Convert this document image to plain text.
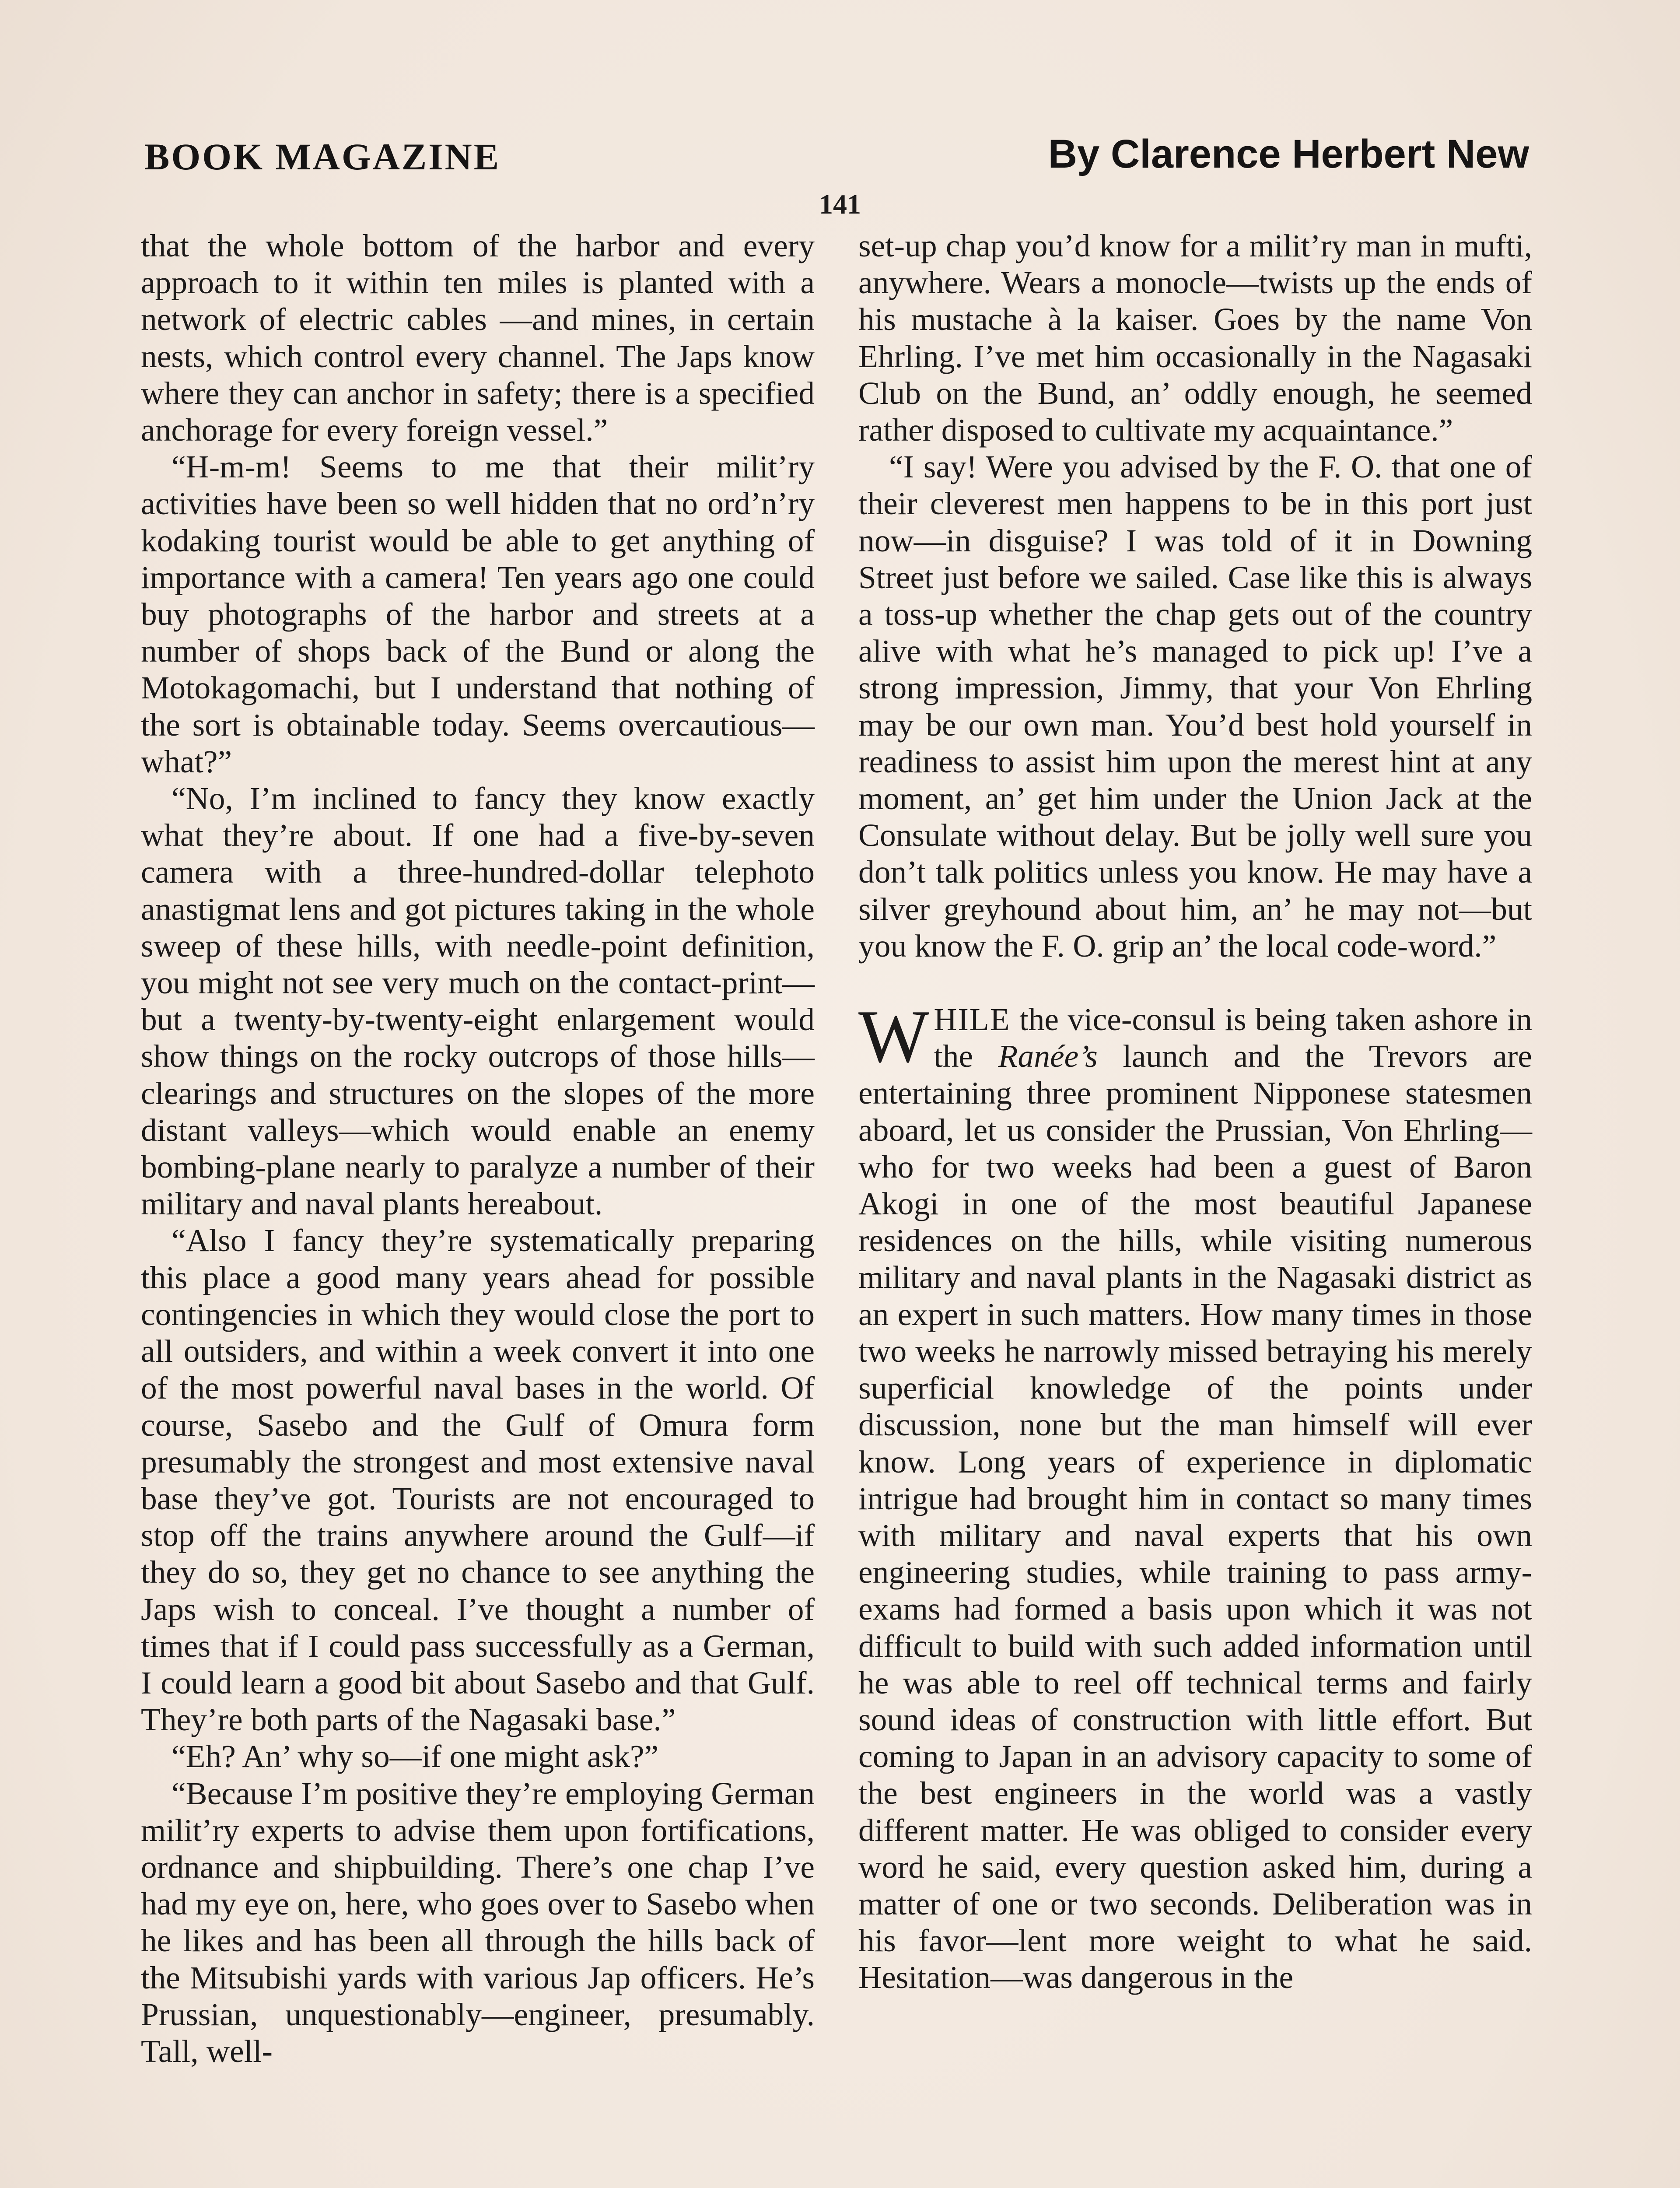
BOOK MAGAZINE	By Clarence Herbert New
141

that the whole bottom of the harbor and every approach to it within ten miles is planted with a network of electric cables —and mines, in certain nests, which control every channel. The Japs know where they can anchor in safety; there is a specified anchorage for every foreign vessel.”

“H-m-m! Seems to me that their milit’ry activities have been so well hidden that no ord’n’ry kodaking tourist would be able to get anything of importance with a camera! Ten years ago one could buy photographs of the harbor and streets at a number of shops back of the Bund or along the Motokagomachi, but I understand that nothing of the sort is obtainable today. Seems overcautious—what?”

“No, I’m inclined to fancy they know exactly what they’re about. If one had a five-by-seven camera with a three-hundred-dollar telephoto anastigmat lens and got pictures taking in the whole sweep of these hills, with needle-point definition, you might not see very much on the contact-print—but a twenty-by-twenty-eight enlargement would show things on the rocky outcrops of those hills—clearings and structures on the slopes of the more distant valleys—which would enable an enemy bombing-plane nearly to paralyze a number of their military and naval plants hereabout.

“Also I fancy they’re systematically preparing this place a good many years ahead for possible contingencies in which they would close the port to all outsiders, and within a week convert it into one of the most powerful naval bases in the world. Of course, Sasebo and the Gulf of Omura form presumably the strongest and most extensive naval base they’ve got. Tourists are not encouraged to stop off the trains anywhere around the Gulf—if they do so, they get no chance to see anything the Japs wish to conceal. I’ve thought a number of times that if I could pass successfully as a German, I could learn a good bit about Sasebo and that Gulf. They’re both parts of the Nagasaki base.”

“Eh? An’ why so—if one might ask?”

“Because I’m positive they’re employing German milit’ry experts to advise them upon fortifications, ordnance and shipbuilding. There’s one chap I’ve had my eye on, here, who goes over to Sasebo when he likes and has been all through the hills back of the Mitsubishi yards with various Jap officers. He’s Prussian, unquestionably—engineer, presumably. Tall, well-

set-up chap you’d know for a milit’ry man in mufti, anywhere. Wears a monocle—twists up the ends of his mustache à la kaiser. Goes by the name Von Ehrling. I’ve met him occasionally in the Nagasaki Club on the Bund, an’ oddly enough, he seemed rather disposed to cultivate my acquaintance.”

“I say! Were you advised by the F. O. that one of their cleverest men happens to be in this port just now—in disguise? I was told of it in Downing Street just before we sailed. Case like this is always a toss-up whether the chap gets out of the country alive with what he’s managed to pick up! I’ve a strong impression, Jimmy, that your Von Ehrling may be our own man. You’d best hold yourself in readiness to assist him upon the merest hint at any moment, an’ get him under the Union Jack at the Consulate without delay. But be jolly well sure you don’t talk politics unless you know. He may have a silver greyhound about him, an’ he may not—but you know the F. O. grip an’ the local code-word.”

WHILE the vice-consul is being taken ashore in the Ranée’s launch and the Trevors are entertaining three prominent Nipponese statesmen aboard, let us consider the Prussian, Von Ehrling—who for two weeks had been a guest of Baron Akogi in one of the most beautiful Japanese residences on the hills, while visiting numerous military and naval plants in the Nagasaki district as an expert in such matters. How many times in those two weeks he narrowly missed betraying his merely superficial knowledge of the points under discussion, none but the man himself will ever know. Long years of experience in diplomatic intrigue had brought him in contact so many times with military and naval experts that his own engineering studies, while training to pass army-exams had formed a basis upon which it was not difficult to build with such added information until he was able to reel off technical terms and fairly sound ideas of construction with little effort. But coming to Japan in an advisory capacity to some of the best engineers in the world was a vastly different matter. He was obliged to consider every word he said, every question asked him, during a matter of one or two seconds. Deliberation was in his favor—lent more weight to what he said. Hesitation—was dangerous in the
